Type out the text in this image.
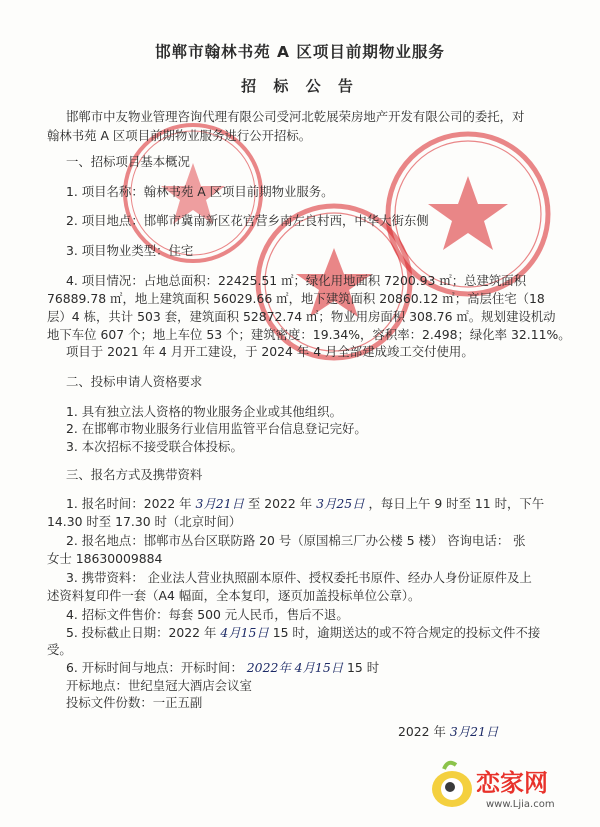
邯郸市翰林书苑 A 区项目前期物业服务
招 标 公 告
邯郸市中友物业管理咨询代理有限公司受河北乾展荣房地产开发有限公司的委托，对
翰林书苑 A 区项目前期物业服务进行公开招标。
一、招标项目基本概况
1. 项目名称：翰林书苑 A 区项目前期物业服务。
2. 项目地点：邯郸市冀南新区花官营乡南左良村西，中华大街东侧
3. 项目物业类型：住宅
4. 项目情况：占地总面积：22425.51 ㎡；绿化用地面积 7200.93 ㎡；总建筑面积
76889.78 ㎡，地上建筑面积 56029.66 ㎡，地下建筑面积 20860.12 ㎡；高层住宅（18
层）4 栋，共计 503 套，建筑面积 52872.74 ㎡；物业用房面积 308.76 ㎡。规划建设机动
地下车位 607 个；地上车位 53 个；建筑密度：19.34%，容积率：2.498；绿化率 32.11%。
项目于 2021 年 4 月开工建设，于 2024 年 4 月全部建成竣工交付使用。
二、投标申请人资格要求
1. 具有独立法人资格的物业服务企业或其他组织。
2. 在邯郸市物业服务行业信用监管平台信息登记完好。
3. 本次招标不接受联合体投标。
三、报名方式及携带资料
1. 报名时间：2022 年 3月21日 至 2022 年 3月25日 ，每日上午 9 时至 11 时，下午
14.30 时至 17.30 时（北京时间）
2. 报名地点：邯郸市丛台区联防路 20 号（原国棉三厂办公楼 5 楼） 咨询电话： 张
女士 18630009884
3. 携带资料： 企业法人营业执照副本原件、授权委托书原件、经办人身份证原件及上
述资料复印件一套（A4 幅面，全本复印，逐页加盖投标单位公章）。
4. 招标文件售价：每套 500 元人民币，售后不退。
5. 投标截止日期：2022 年 4月15日 15 时，逾期送达的或不符合规定的投标文件不接
受。
6. 开标时间与地点：开标时间： 2022年 4月15日 15 时
开标地点：世纪皇冠大酒店会议室
投标文件份数：一正五副
2022 年 3月21日
恋家网
www.Ljia.com
